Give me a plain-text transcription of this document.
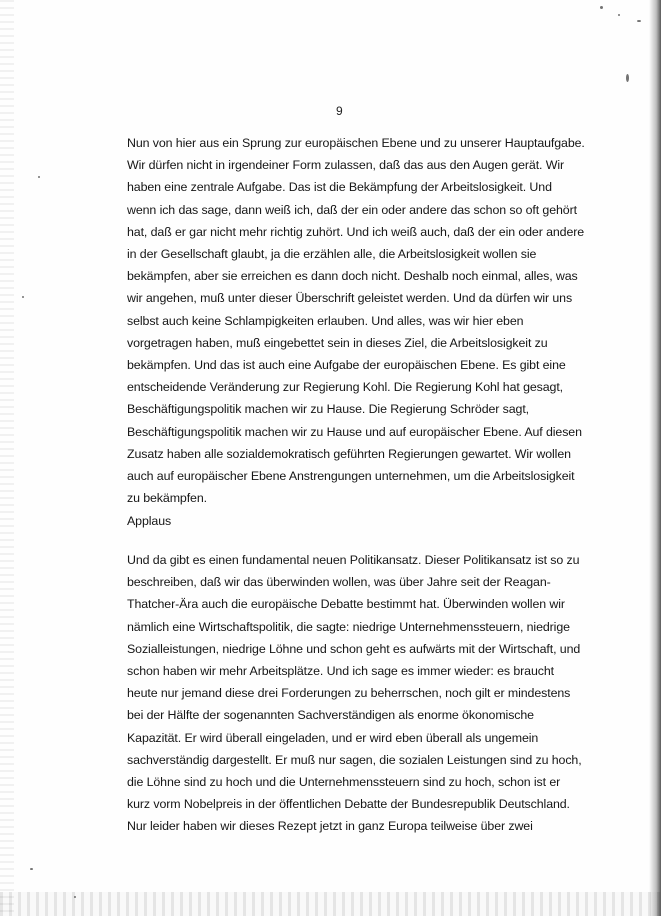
9
Nun von hier aus ein Sprung zur europäischen Ebene und zu unserer Hauptaufgabe.
Wir dürfen nicht in irgendeiner Form zulassen, daß das aus den Augen gerät. Wir
haben eine zentrale Aufgabe. Das ist die Bekämpfung der Arbeitslosigkeit. Und
wenn ich das sage, dann weiß ich, daß der ein oder andere das schon so oft gehört
hat, daß er gar nicht mehr richtig zuhört. Und ich weiß auch, daß der ein oder andere
in der Gesellschaft glaubt, ja die erzählen alle, die Arbeitslosigkeit wollen sie
bekämpfen, aber sie erreichen es dann doch nicht. Deshalb noch einmal, alles, was
wir angehen, muß unter dieser Überschrift geleistet werden. Und da dürfen wir uns
selbst auch keine Schlampigkeiten erlauben. Und alles, was wir hier eben
vorgetragen haben, muß eingebettet sein in dieses Ziel, die Arbeitslosigkeit zu
bekämpfen. Und das ist auch eine Aufgabe der europäischen Ebene. Es gibt eine
entscheidende Veränderung zur Regierung Kohl. Die Regierung Kohl hat gesagt,
Beschäftigungspolitik machen wir zu Hause. Die Regierung Schröder sagt,
Beschäftigungspolitik machen wir zu Hause und auf europäischer Ebene. Auf diesen
Zusatz haben alle sozialdemokratisch geführten Regierungen gewartet. Wir wollen
auch auf europäischer Ebene Anstrengungen unternehmen, um die Arbeitslosigkeit
zu bekämpfen.
Applaus
Und da gibt es einen fundamental neuen Politikansatz. Dieser Politikansatz ist so zu
beschreiben, daß wir das überwinden wollen, was über Jahre seit der Reagan-
Thatcher-Ära auch die europäische Debatte bestimmt hat. Überwinden wollen wir
nämlich eine Wirtschaftspolitik, die sagte: niedrige Unternehmenssteuern, niedrige
Sozialleistungen, niedrige Löhne und schon geht es aufwärts mit der Wirtschaft, und
schon haben wir mehr Arbeitsplätze. Und ich sage es immer wieder: es braucht
heute nur jemand diese drei Forderungen zu beherrschen, noch gilt er mindestens
bei der Hälfte der sogenannten Sachverständigen als enorme ökonomische
Kapazität. Er wird überall eingeladen, und er wird eben überall als ungemein
sachverständig dargestellt. Er muß nur sagen, die sozialen Leistungen sind zu hoch,
die Löhne sind zu hoch und die Unternehmenssteuern sind zu hoch, schon ist er
kurz vorm Nobelpreis in der öffentlichen Debatte der Bundesrepublik Deutschland.
Nur leider haben wir dieses Rezept jetzt in ganz Europa teilweise über zwei
